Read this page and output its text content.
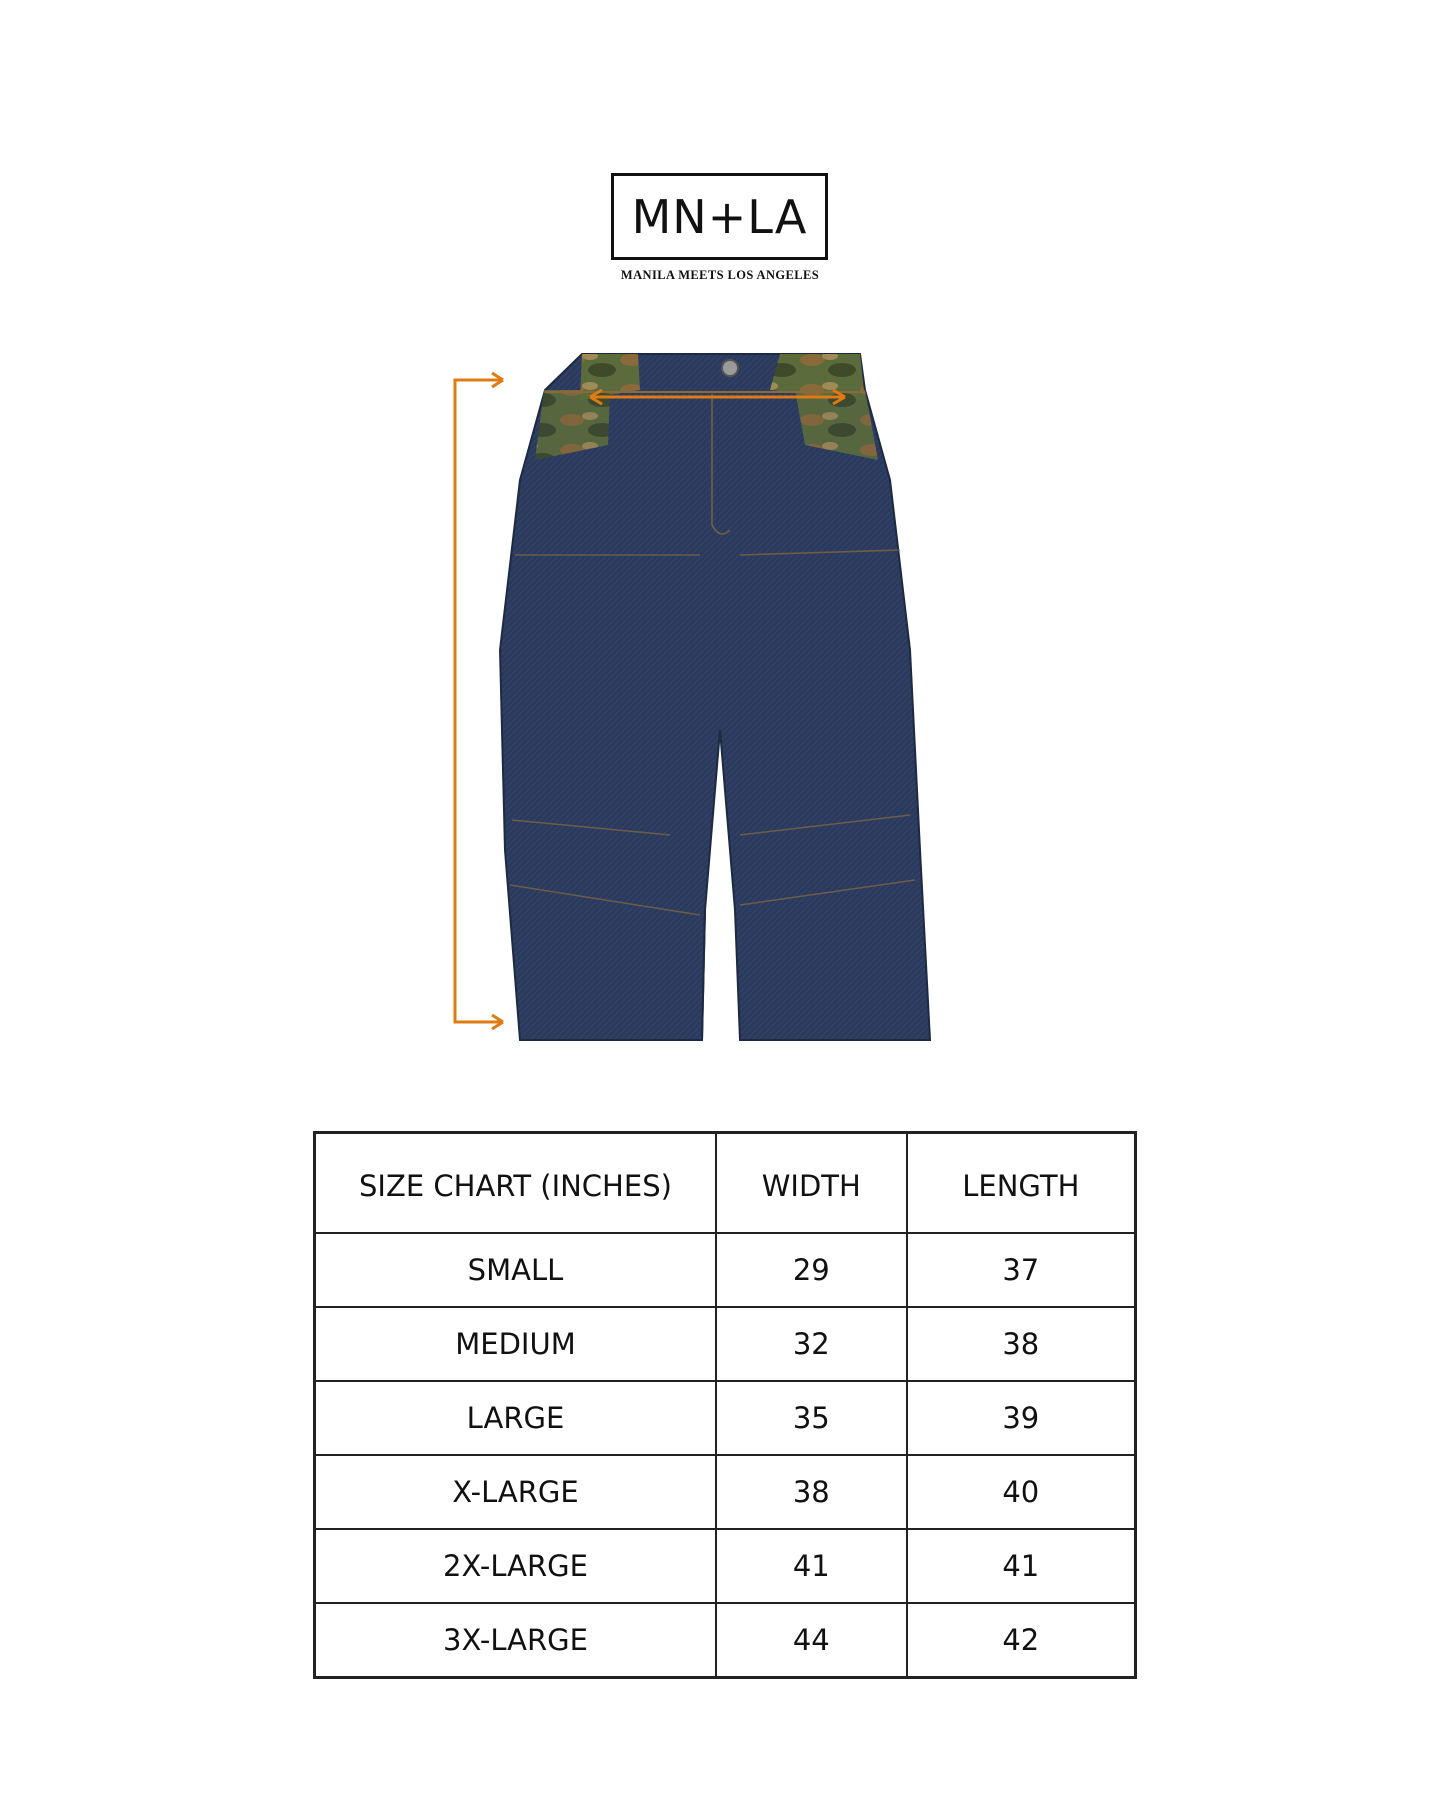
MN+LA
MANILA MEETS LOS ANGELES
SIZE CHART (INCHES)	WIDTH	LENGTH
SMALL	29	37
MEDIUM	32	38
LARGE	35	39
X-LARGE	38	40
2X-LARGE	41	41
3X-LARGE	44	42
